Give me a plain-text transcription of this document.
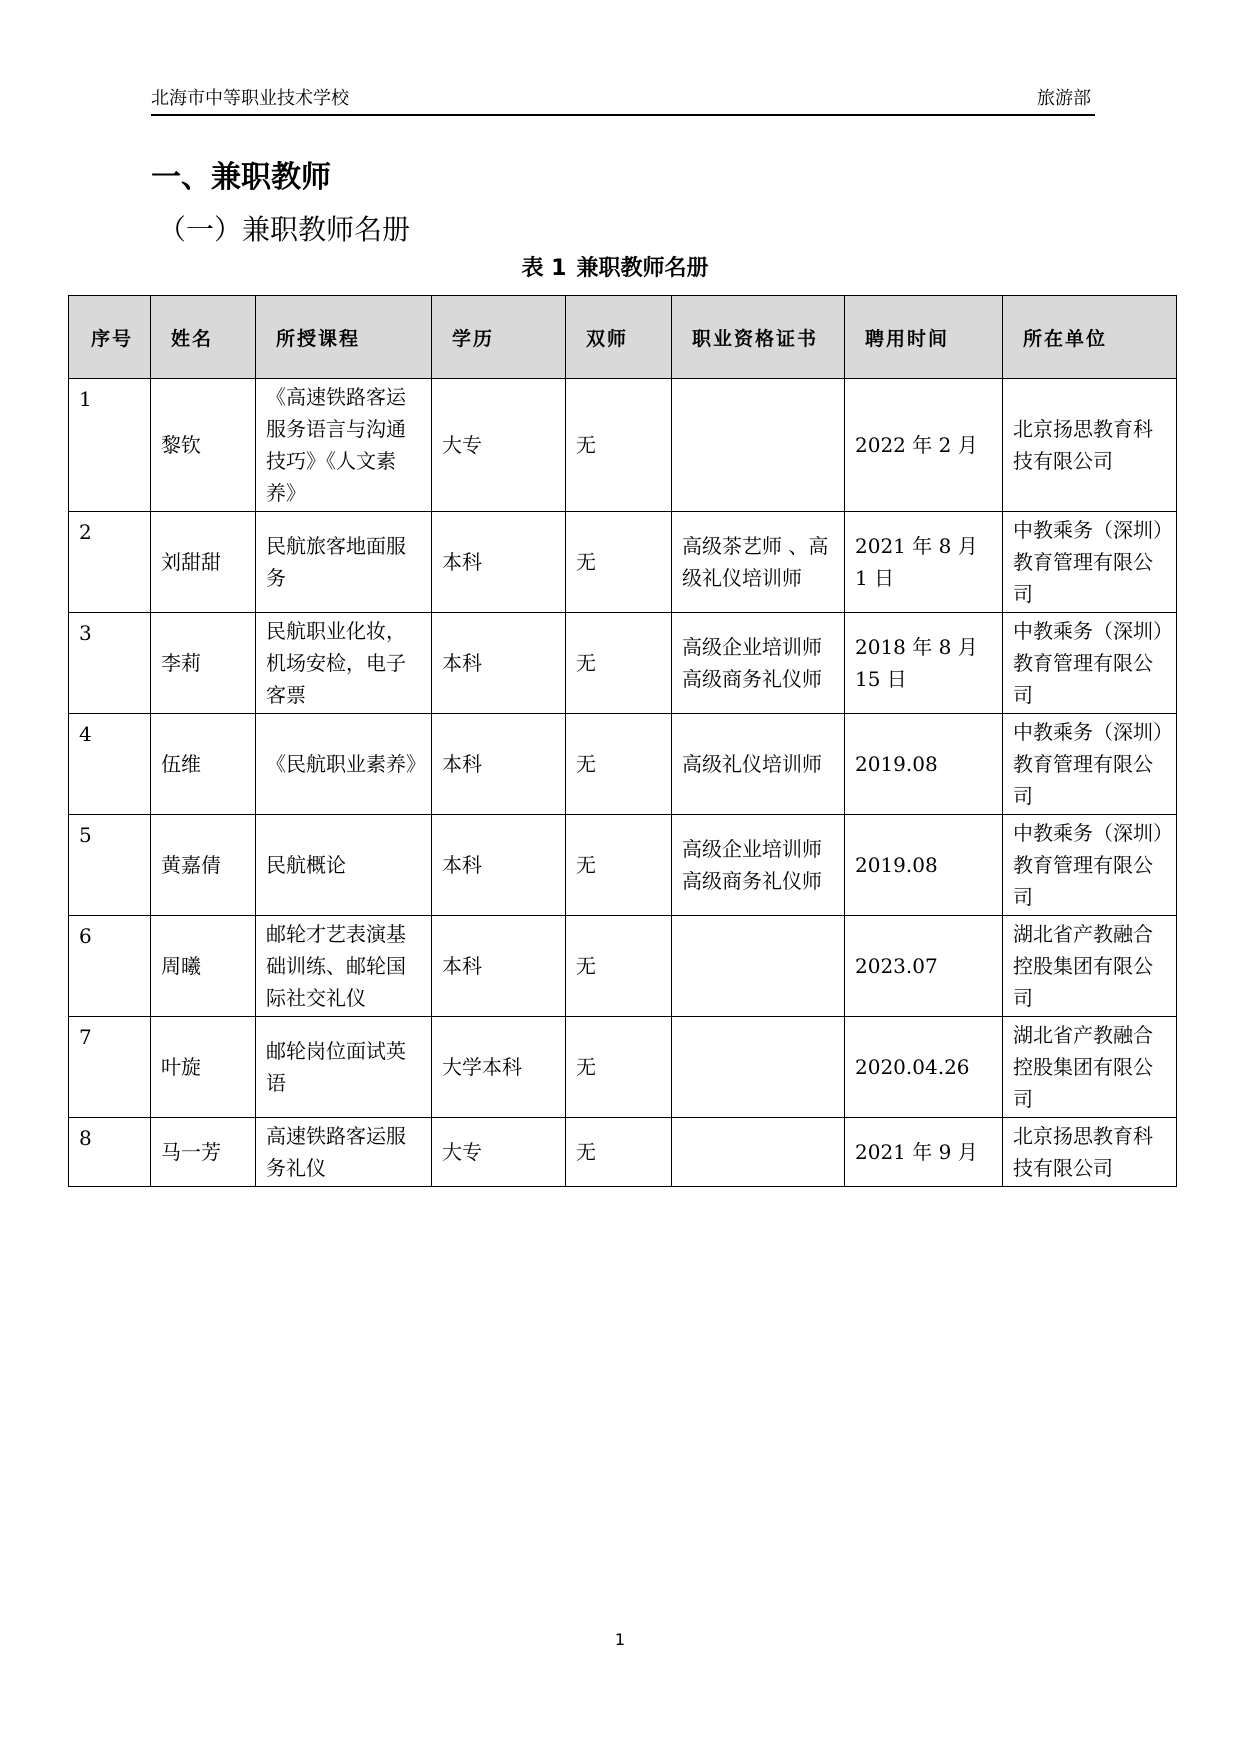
北海市中等职业技术学校	旅游部
一、兼职教师
（一）兼职教师名册
表 1 兼职教师名册
序号	姓名	所授课程	学历	双师	职业资格证书	聘用时间	所在单位
1	黎钦	《高速铁路客运服务语言与沟通技巧》《人文素养》	大专	无		2022 年 2 月	北京扬思教育科技有限公司
2	刘甜甜	民航旅客地面服务	本科	无	高级茶艺师 、高级礼仪培训师	2021 年 8 月 1 日	中教乘务（深圳）教育管理有限公司
3	李莉	民航职业化妆，机场安检，电子客票	本科	无	高级企业培训师　高级商务礼仪师	2018 年 8 月 15 日	中教乘务（深圳）教育管理有限公司
4	伍维	《民航职业素养》	本科	无	高级礼仪培训师	2019.08	中教乘务（深圳）教育管理有限公司
5	黄嘉倩	民航概论	本科	无	高级企业培训师 高级商务礼仪师	2019.08	中教乘务（深圳）教育管理有限公司
6	周曦	邮轮才艺表演基础训练、邮轮国际社交礼仪	本科	无		2023.07	湖北省产教融合控股集团有限公司
7	叶旋	邮轮岗位面试英语	大学本科	无		2020.04.26	湖北省产教融合控股集团有限公司
8	马一芳	高速铁路客运服务礼仪	大专	无		2021 年 9 月	北京扬思教育科技有限公司
1
